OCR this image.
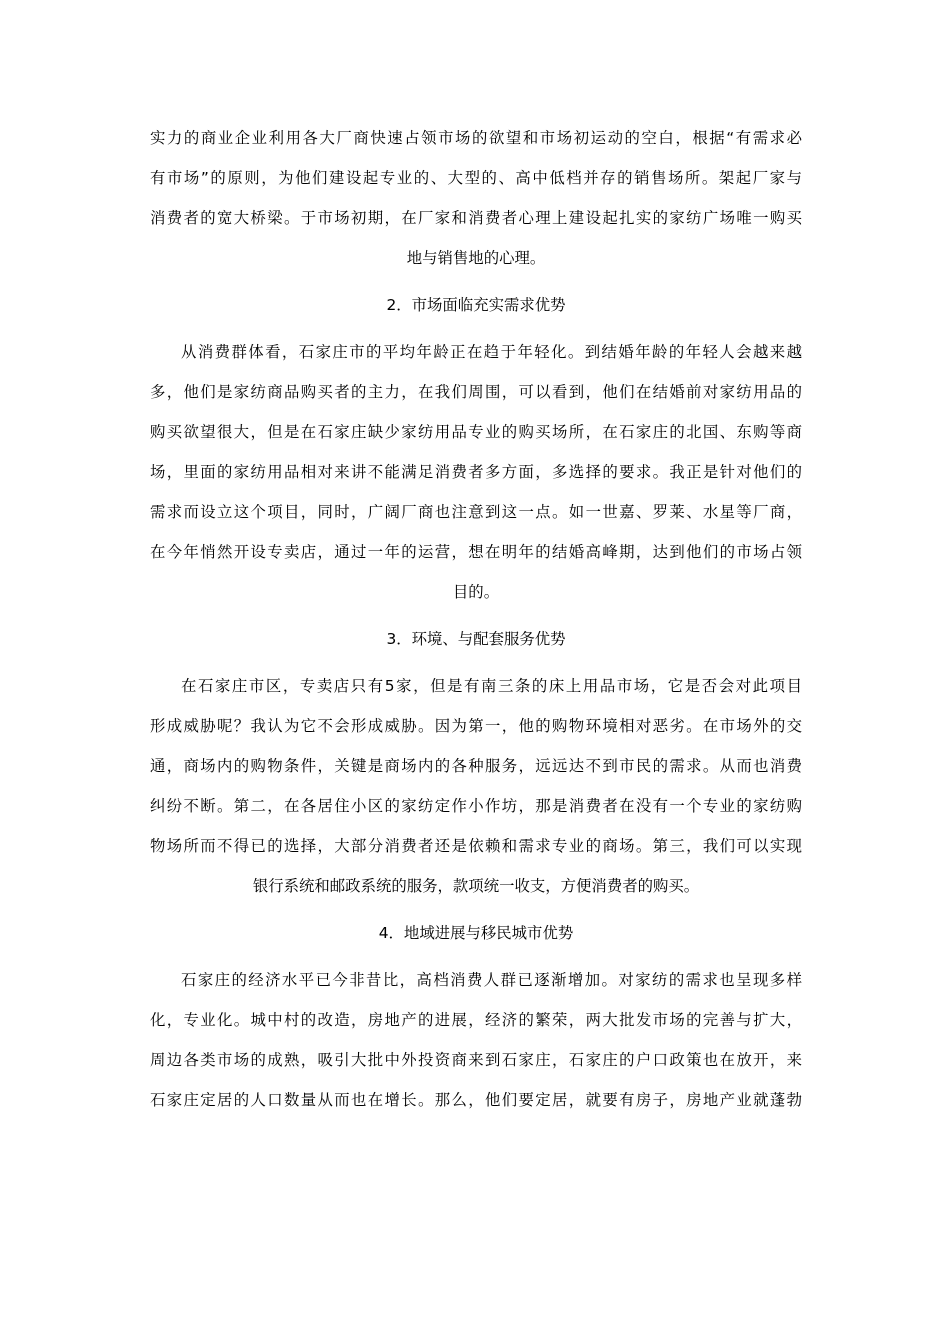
实力的商业企业利用各大厂商快速占领市场的欲望和市场初运动的空白，根据“有需求必
有市场”的原则，为他们建设起专业的、大型的、高中低档并存的销售场所。架起厂家与
消费者的宽大桥梁。于市场初期，在厂家和消费者心理上建设起扎实的家纺广场唯一购买
地与销售地的心理。
2．市场面临充实需求优势
从消费群体看，石家庄市的平均年龄正在趋于年轻化。到结婚年龄的年轻人会越来越
多，他们是家纺商品购买者的主力，在我们周围，可以看到，他们在结婚前对家纺用品的
购买欲望很大，但是在石家庄缺少家纺用品专业的购买场所，在石家庄的北国、东购等商
场，里面的家纺用品相对来讲不能满足消费者多方面，多选择的要求。我正是针对他们的
需求而设立这个项目，同时，广阔厂商也注意到这一点。如一世嘉、罗莱、水星等厂商，
在今年悄然开设专卖店，通过一年的运营，想在明年的结婚高峰期，达到他们的市场占领
目的。
3．环境、与配套服务优势
在石家庄市区，专卖店只有5家，但是有南三条的床上用品市场，它是否会对此项目
形成威胁呢？我认为它不会形成威胁。因为第一，他的购物环境相对恶劣。在市场外的交
通，商场内的购物条件，关键是商场内的各种服务，远远达不到市民的需求。从而也消费
纠纷不断。第二，在各居住小区的家纺定作小作坊，那是消费者在没有一个专业的家纺购
物场所而不得已的选择，大部分消费者还是依赖和需求专业的商场。第三，我们可以实现
银行系统和邮政系统的服务，款项统一收支，方便消费者的购买。
4．地域进展与移民城市优势
石家庄的经济水平已今非昔比，高档消费人群已逐渐增加。对家纺的需求也呈现多样
化，专业化。城中村的改造，房地产的进展，经济的繁荣，两大批发市场的完善与扩大，
周边各类市场的成熟，吸引大批中外投资商来到石家庄，石家庄的户口政策也在放开，来
石家庄定居的人口数量从而也在增长。那么，他们要定居，就要有房子，房地产业就蓬勃
